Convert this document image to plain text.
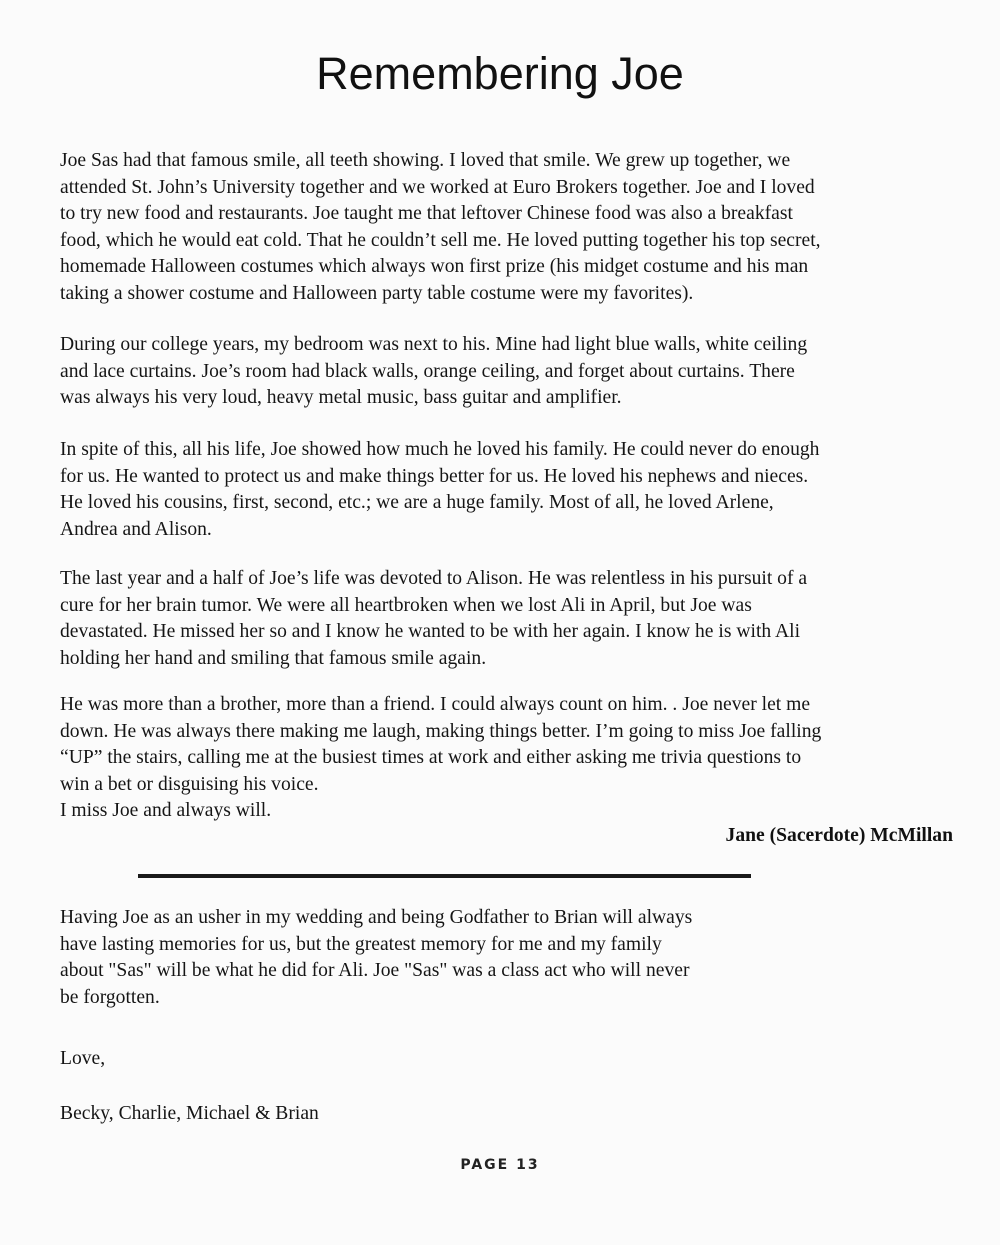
Remembering Joe
Joe Sas had that famous smile, all teeth showing. I loved that smile. We grew up together, we
attended St. John’s University together and we worked at Euro Brokers together. Joe and I loved
to try new food and restaurants. Joe taught me that leftover Chinese food was also a breakfast
food, which he would eat cold. That he couldn’t sell me. He loved putting together his top secret,
homemade Halloween costumes which always won first prize (his midget costume and his man
taking a shower costume and Halloween party table costume were my favorites).
During our college years, my bedroom was next to his. Mine had light blue walls, white ceiling
and lace curtains. Joe’s room had black walls, orange ceiling, and forget about curtains. There
was always his very loud, heavy metal music, bass guitar and amplifier.
In spite of this, all his life, Joe showed how much he loved his family. He could never do enough
for us. He wanted to protect us and make things better for us. He loved his nephews and nieces.
He loved his cousins, first, second, etc.; we are a huge family. Most of all, he loved Arlene,
Andrea and Alison.
The last year and a half of Joe’s life was devoted to Alison. He was relentless in his pursuit of a
cure for her brain tumor. We were all heartbroken when we lost Ali in April, but Joe was
devastated. He missed her so and I know he wanted to be with her again. I know he is with Ali
holding her hand and smiling that famous smile again.
He was more than a brother, more than a friend. I could always count on him. . Joe never let me
down. He was always there making me laugh, making things better. I’m going to miss Joe falling
“UP” the stairs, calling me at the busiest times at work and either asking me trivia questions to
win a bet or disguising his voice.
I miss Joe and always will.
Jane (Sacerdote) McMillan
Having Joe as an usher in my wedding and being Godfather to Brian will always
have lasting memories for us, but the greatest memory for me and my family
about "Sas" will be what he did for Ali. Joe "Sas" was a class act who will never
be forgotten.
Love,
Becky, Charlie, Michael & Brian
PAGE 13
